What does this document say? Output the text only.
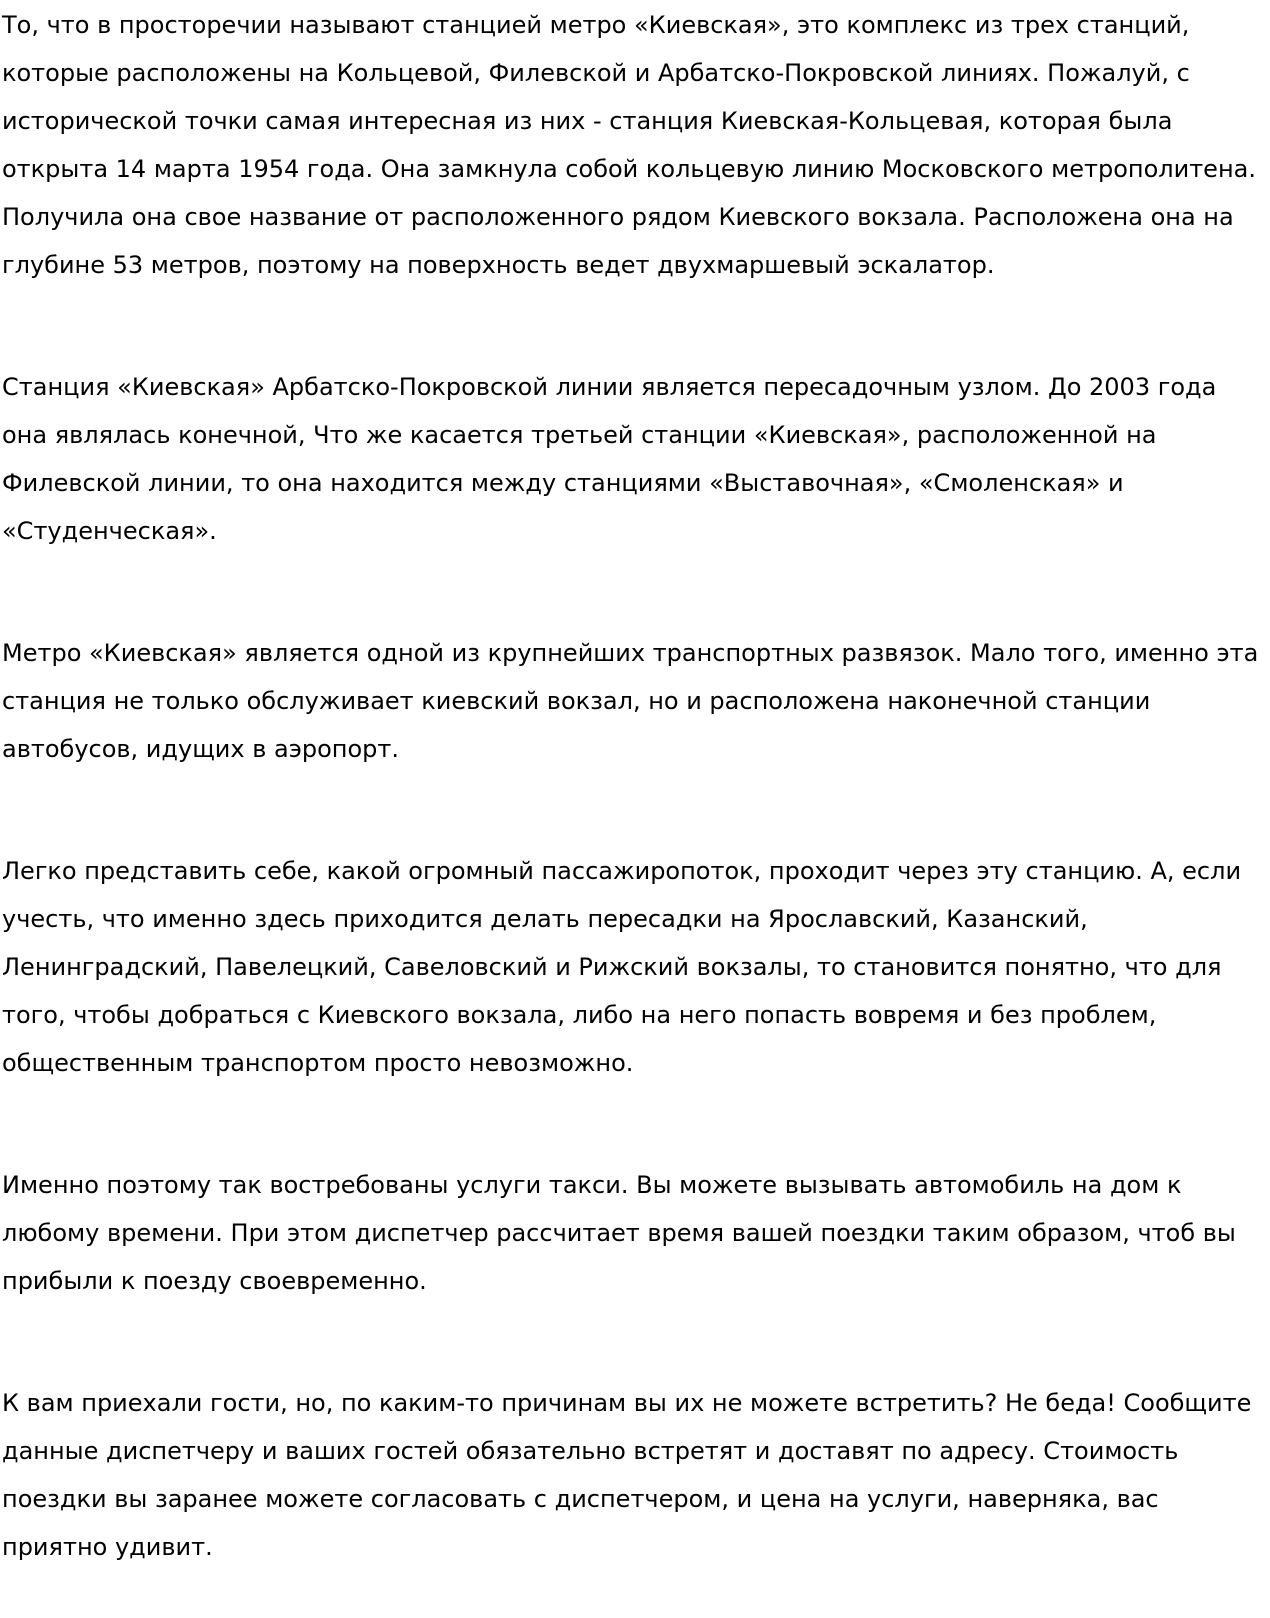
То, что в просторечии называют станцией метро «Киевская», это комплекс из трех станций, которые расположены на Кольцевой, Филевской и Арбатско-Покровской линиях. Пожалуй, с исторической точки самая интересная из них - станция Киевская-Кольцевая, которая была открыта 14 марта 1954 года. Она замкнула собой кольцевую линию Московского метрополитена. Получила она свое название от расположенного рядом Киевского вокзала. Расположена она на глубине 53 метров, поэтому на поверхность ведет двухмаршевый эскалатор.

Станция «Киевская» Арбатско-Покровской линии является пересадочным узлом. До 2003 года она являлась конечной, Что же касается третьей станции «Киевская», расположенной на Филевской линии, то она находится между станциями «Выставочная», «Смоленская» и «Студенческая».

Метро «Киевская» является одной из крупнейших транспортных развязок. Мало того, именно эта станция не только обслуживает киевский вокзал, но и расположена наконечной станции автобусов, идущих в аэропорт.

Легко представить себе, какой огромный пассажиропоток, проходит через эту станцию. А, если учесть, что именно здесь приходится делать пересадки на Ярославский, Казанский, Ленинградский, Павелецкий, Савеловский и Рижский вокзалы, то становится понятно, что для того, чтобы добраться с Киевского вокзала, либо на него попасть вовремя и без проблем, общественным транспортом просто невозможно.

Именно поэтому так востребованы услуги такси. Вы можете вызывать автомобиль на дом к любому времени. При этом диспетчер рассчитает время вашей поездки таким образом, чтоб вы прибыли к поезду своевременно.

К вам приехали гости, но, по каким-то причинам вы их не можете встретить? Не беда! Сообщите данные диспетчеру и ваших гостей обязательно встретят и доставят по адресу. Стоимость поездки вы заранее можете согласовать с диспетчером, и цена на услуги, наверняка, вас приятно удивит.
